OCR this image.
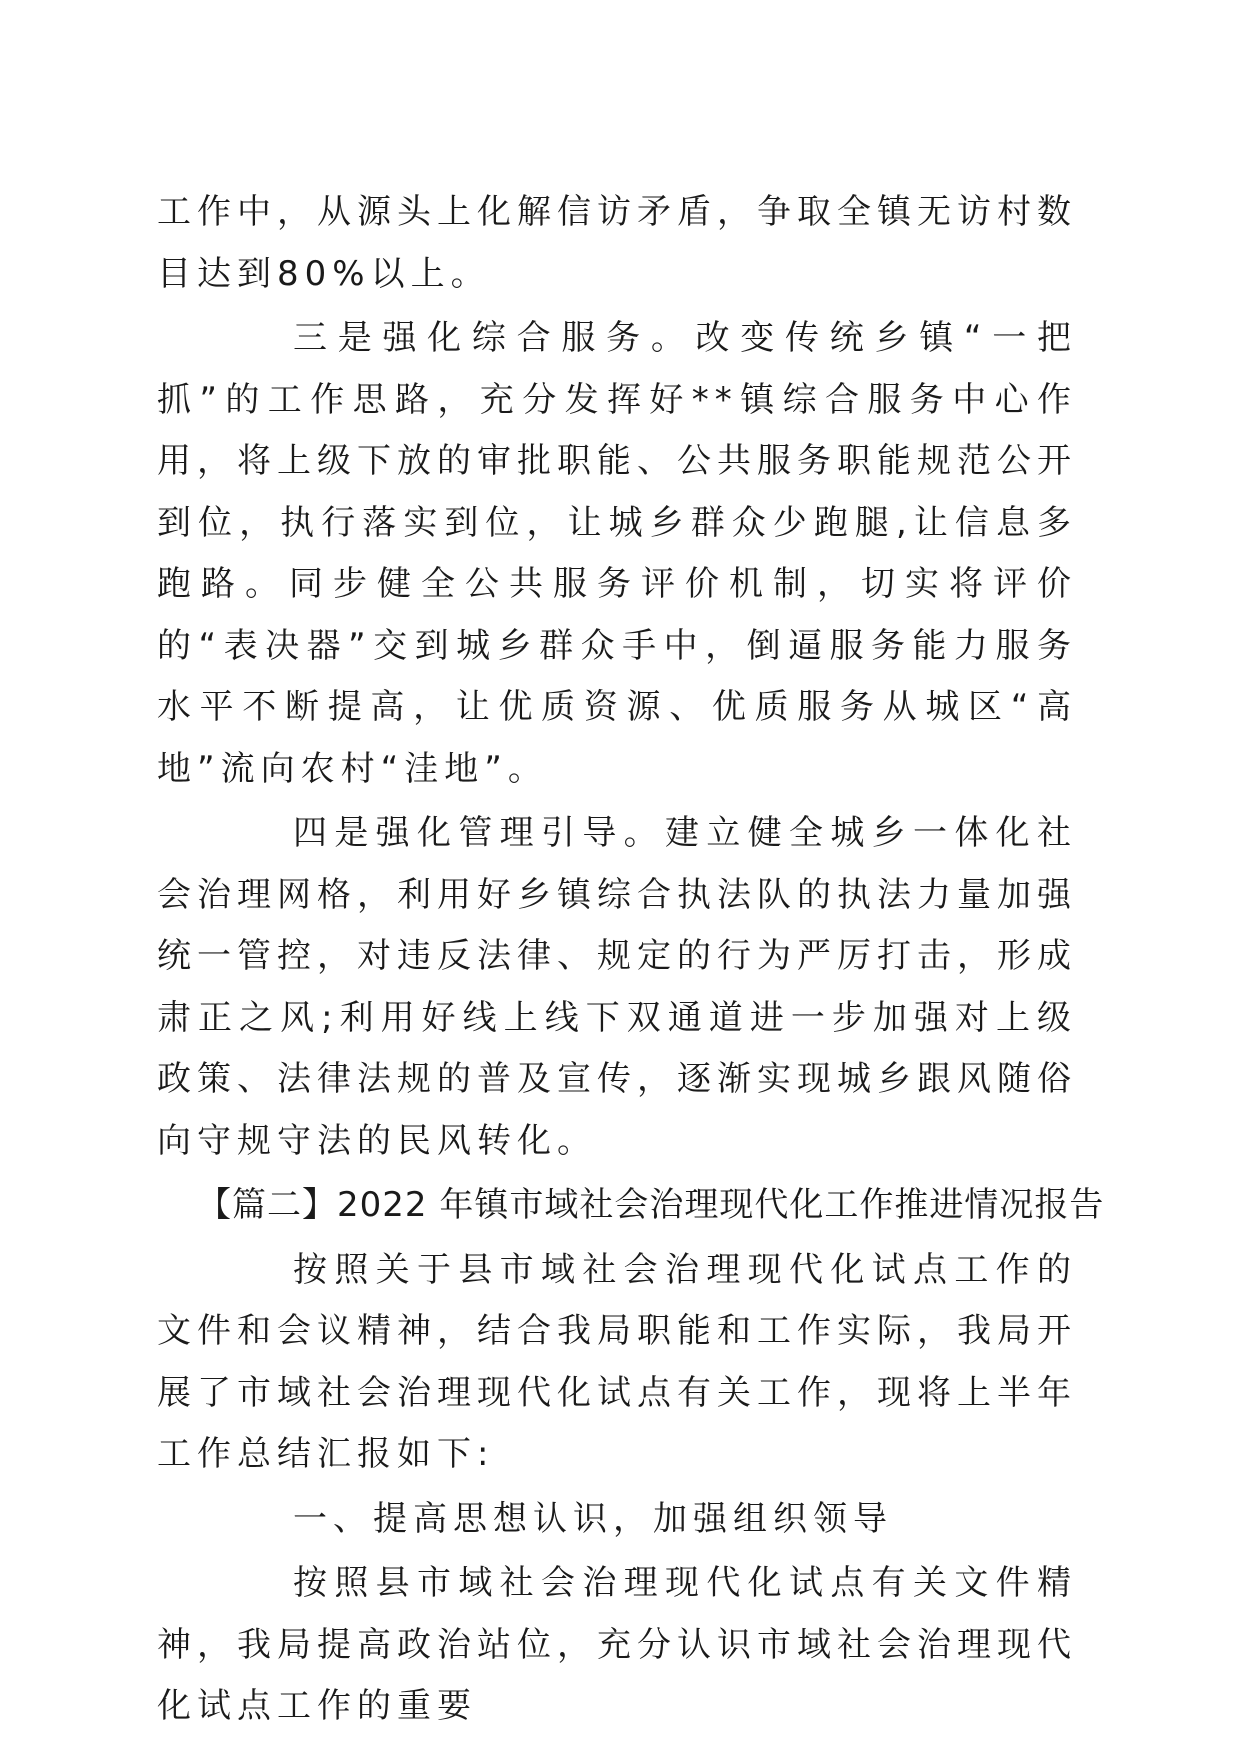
工作中，从源头上化解信访矛盾，争取全镇无访村数目达到80%以上。

三是强化综合服务。改变传统乡镇“一把抓”的工作思路，充分发挥好**镇综合服务中心作用，将上级下放的审批职能、公共服务职能规范公开到位，执行落实到位，让城乡群众少跑腿,让信息多跑路。同步健全公共服务评价机制，切实将评价的“表决器”交到城乡群众手中，倒逼服务能力服务水平不断提高，让优质资源、优质服务从城区“高地”流向农村“洼地”。

四是强化管理引导。建立健全城乡一体化社会治理网格，利用好乡镇综合执法队的执法力量加强统一管控，对违反法律、规定的行为严厉打击，形成肃正之风;利用好线上线下双通道进一步加强对上级政策、法律法规的普及宣传，逐渐实现城乡跟风随俗向守规守法的民风转化。

【篇二】2022 年镇市域社会治理现代化工作推进情况报告

按照关于县市域社会治理现代化试点工作的文件和会议精神，结合我局职能和工作实际，我局开展了市域社会治理现代化试点有关工作，现将上半年工作总结汇报如下:

一、提高思想认识，加强组织领导

按照县市域社会治理现代化试点有关文件精神，我局提高政治站位，充分认识市域社会治理现代化试点工作的重要
